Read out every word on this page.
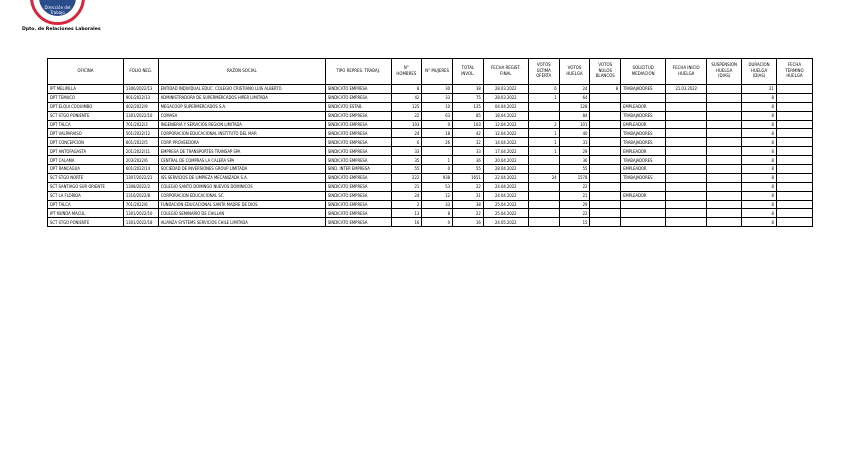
Dirección del
Trabajo
Dpto. de Relaciones Laborales
OFICINA	FOLIO NEG.	RAZON SOCIAL	TIPO REPRES. TRABAJ.	N° HOMBRES	N° MUJERES	TOTAL INVOL.	FECHA REGIST. FINAL	VOTOS ÚLTIMA OFERTA	VOTOS HUELGA	VOTOS NULOS BLANCOS	SOLICITUD MEDIACION	FECHA INICIO HUELGA	SUSPENSION HUELGA (DIAS)	DURACION HUELGA (DIAS)	FECHA TERMINO HUELGA
IPT MELIPILLA	1306/2022/13	ENTIDAD INDIVIDUAL EDUC. COLEGIO CRISTIANO LUIS ALBERTO	SINDICATO EMPRESA	8	30	38	28.03.2022	6	24	8	TRABAJADORES	21.03.2022		21	
DPT TEMUCO	901/2022/13	ADMINISTRADORA DE SUPERMERCADOS HIPER LIMITADA	SINDICATO EMPRESA	42	33	75	28.03.2022	1	64					8	
DPT ELQUI COQUIMBO	402/2022/9	MEGACOOP SUPERMERCADOS S.A.	SINDICATO ESTAB.	125	10	135	04.04.2022		128		EMPLEADOR			8	
SCT STGO PONIENTE	1301/2022/10	COMASA	SINDICATO EMPRESA	22	63	85	18.04.2022		84		TRABAJADORES			8	
DPT TALCA	701/2022/3	INGENIERIA Y SERVICIOS REGION LIMITADA	SINDICATO EMPRESA	103	0	103	12.04.2022	2	101		EMPLEADOR			8	
DPT VALPARAISO	501/2022/12	CORPORACION EDUCACIONAL INSTITUTO DEL MAR	SINDICATO EMPRESA	24	18	42	12.04.2022	1	40		TRABAJADORES			8	
DPT CONCEPCION	801/2022/5	CORP. PROVEEDORA	SINDICATO EMPRESA	6	26	32	14.04.2022	1	31		TRABAJADORES			8	
DPT ANTOFAGASTA	201/2022/11	EMPRESA DE TRANSPORTES TRANSAP SPA	SINDICATO EMPRESA	33		33	17.04.2022	1	29		EMPLEADOR			8	
DPT CALAMA	203/2022/6	CENTRAL DE COMPRAS LA CALERA SPA	SINDICATO EMPRESA	35	1	36	20.04.2022		36		TRABAJADORES			8	
DPT RANCAGUA	601/2022/14	SOCIEDAD DE INVERSIONES GROUP LIMITADA	SIND. INTER EMPRESA	55	0	55	28.04.2022		55		EMPLEADOR			8	
SCT STGO NORTE	1307/2022/21	ISS SERVICIOS DE LIMPIEZA MECANIZADA S.A.	SINDICATO EMPRESA	222	938	1651	22.04.2022	24	1578		TRABAJADORES			8	
SCT SANTIAGO SUR ORIENTE	1308/2022/2	COLEGIO SANTO DOMINGO NUEVOS DOMINICOS	SINDICATO EMPRESA	21	53	22	24.04.2022		22					8	
SCT LA FLORIDA	1316/2022/8	CORPORACION EDUCACIONAL SC	SINDICATO EMPRESA	24	12	31	24.04.2022		21		EMPLEADOR			8	
DPT TALCA	701/2022/6	FUNDACION EDUCACIONAL SANTA MADRE DE DIOS	SINDICATO EMPRESA	2	33	38	25.04.2022		29					8	
IPT ÑUÑOA MACUL	1301/2022/10	COLEGIO SEMINARIO DE CHILLAN	SINDICATO EMPRESA	13	8	22	25.04.2022		22					8	
SCT STGO PONIENTE	1301/2022/18	ALIANZA SYSTEMS SERVICIOS CHILE LIMITADA	SINDICATO EMPRESA	16	0	16	24.05.2022		15					8	
